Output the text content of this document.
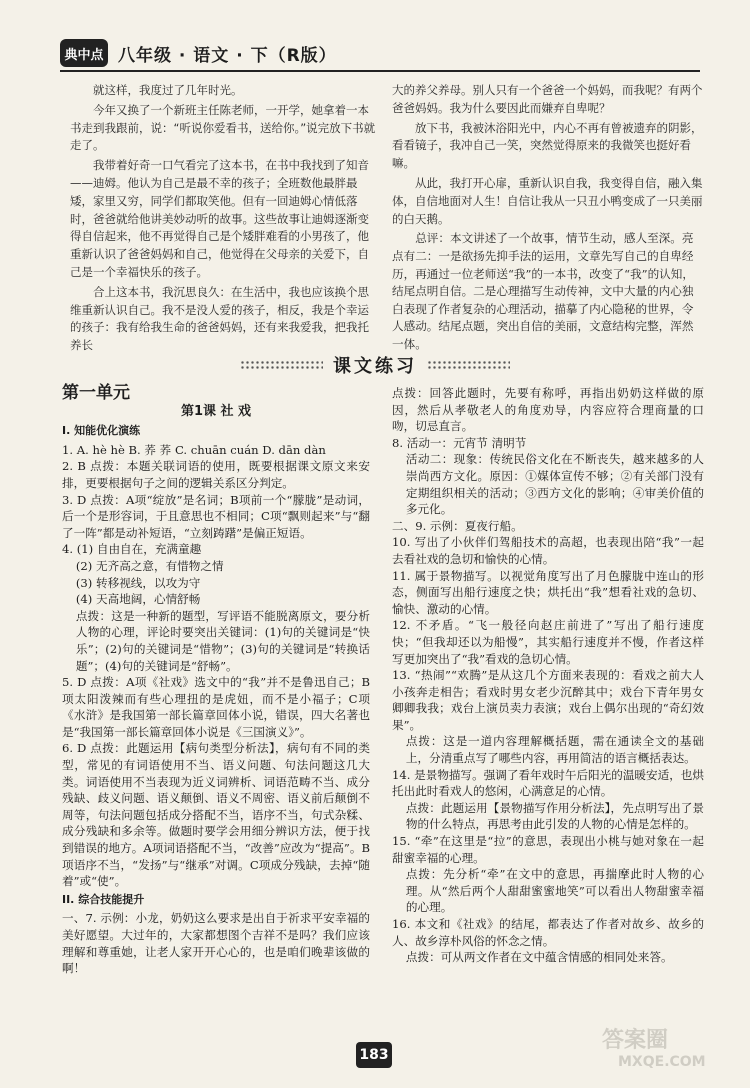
典中点 八年级 · 语文 · 下（R版）

就这样，我度过了几年时光。

今年又换了一个新班主任陈老师，一开学，她拿着一本书走到我跟前，说：“听说你爱看书，送给你。”说完放下书就走了。

我带着好奇一口气看完了这本书，在书中我找到了知音——迪姆。他认为自己是最不幸的孩子；全班数他最胖最矮，家里又穷，同学们都取笑他。但有一回迪姆心情低落时，爸爸就给他讲美妙动听的故事。这些故事让迪姆逐渐变得自信起来，他不再觉得自己是个矮胖难看的小男孩了，他重新认识了爸爸妈妈和自己，他觉得在父母亲的关爱下，自己是一个幸福快乐的孩子。

合上这本书，我沉思良久：在生活中，我也应该换个思维重新认识自己。我不是没人爱的孩子，相反，我是个幸运的孩子：我有给我生命的爸爸妈妈，还有来我爱我，把我托养长

大的养父养母。别人只有一个爸爸一个妈妈，而我呢？有两个爸爸妈妈。我为什么要因此而嫌弃自卑呢？

放下书，我被沐浴阳光中，内心不再有曾被遗弃的阴影，看看镜子，我冲自己一笑，突然觉得原来的我微笑也挺好看嘛。

从此，我打开心扉，重新认识自我，我变得自信，融入集体，自信地面对人生！自信让我从一只丑小鸭变成了一只美丽的白天鹅。

总评：本文讲述了一个故事，情节生动，感人至深。亮点有二：一是欲扬先抑手法的运用，文章先写自己的自卑经历，再通过一位老师送“我”的一本书，改变了“我”的认知，结尾点明自信。二是心理描写生动传神，文中大量的内心独白表现了作者复杂的心理活动，描摹了内心隐秘的世界，令人感动。结尾点题，突出自信的美丽，文意结构完整，浑然一体。

课文练习
第一单元
第1课 社 戏
I. 知能优化演练

1. A. hè hè B. 荞 荞 C. chuān cuán D. dān dàn

2. B 点拨：本题关联词语的使用，既要根据课文原文来安排，更要根据句子之间的逻辑关系区分判定。

3. D 点拨：A项“绽放”是名词；B项前一个“朦胧”是动词，后一个是形容词，于且意思也不相同；C项“飘则起来”与“翻了一阵”都是动补短语，“立刻踌躇”是偏正短语。

4. (1) 自由自在，充满童趣

(2) 无齐高之意，有惜物之情

(3) 转移视线，以攻为守

(4) 天高地阔，心情舒畅

点拨：这是一种新的题型，写评语不能脱离原文，要分析人物的心理，评论时要突出关键词：(1)句的关键词是“快乐”；(2)句的关键词是“惜物”；(3)句的关键词是“转换话题”；(4)句的关键词是“舒畅”。

5. D 点拨：A项《社戏》选文中的“我”并不是鲁迅自己；B项太阳泼辣而有些心理扭的是虎妞，而不是小福子；C项《水浒》是我国第一部长篇章回体小说，错误，四大名著也是“我国第一部长篇章回体小说是《三国演义》”。

6. D 点拨：此题运用【病句类型分析法】，病句有不同的类型，常见的有词语使用不当、语义问题、句法问题这几大类。词语使用不当表现为近义词辨析、词语范畴不当、成分残缺、歧义问题、语义颠倒、语义不周密、语义前后颠倒不周等，句法问题包括成分搭配不当，语序不当，句式杂糅、成分残缺和多余等。做题时要学会用细分辨识方法，便于找到错误的地方。A项词语搭配不当，“改善”应改为“提高”。B项语序不当，“发扬”与“继承”对调。C项成分残缺，去掉“随着”或“使”。

II. 综合技能提升

一、7. 示例：小龙，奶奶这么要求是出自于祈求平安幸福的美好愿望。大过年的，大家都想图个吉祥不是吗？我们应该理解和尊重她，让老人家开开心心的，也是咱们晚辈该做的啊！

点拨：回答此题时，先要有称呼，再指出奶奶这样做的原因，然后从孝敬老人的角度劝导，内容应符合理商量的口吻，切忌直言。

8. 活动一：元宵节 清明节

活动二：现象：传统民俗文化在不断丧失，越来越多的人崇尚西方文化。原因：①媒体宣传不够；②有关部门没有定期组织相关的活动；③西方文化的影响；④审美价值的多元化。

二、9. 示例：夏夜行船。

10. 写出了小伙伴们驾船技术的高超，也表现出陪“我”一起去看社戏的急切和愉快的心情。

11. 属于景物描写。以视觉角度写出了月色朦胧中连山的形态，侧面写出船行速度之快；烘托出“我”想看社戏的急切、愉快、激动的心情。

12. 不矛盾。“飞一般径向赵庄前进了”写出了船行速度快；“但我却还以为船慢”，其实船行速度并不慢，作者这样写更加突出了“我”看戏的急切心情。

13. “热闹”“欢腾”是从这几个方面来表现的：看戏之前大人小孩奔走相告；看戏时男女老少沉醉其中；戏台下青年男女卿卿我我；戏台上演员卖力表演；戏台上偶尔出现的“奇幻效果”。

点拨：这是一道内容理解概括题，需在通读全文的基础上，分清重点写了哪些内容，再用简洁的语言概括表达。

14. 是景物描写。强调了看年戏时午后阳光的温暖安适，也烘托出此时看戏人的悠闲，心满意足的心情。

点拨：此题运用【景物描写作用分析法】，先点明写出了景物的什么特点，再思考由此引发的人物的心情是怎样的。

15. “牵”在这里是“拉”的意思，表现出小桃与她对象在一起甜蜜幸福的心理。

点拨：先分析“牵”在文中的意思，再揣摩此时人物的心理。从“然后两个人甜甜蜜蜜地笑”可以看出人物甜蜜幸福的心理。

16. 本文和《社戏》的结尾，都表达了作者对故乡、故乡的人、故乡淳朴风俗的怀念之情。

点拨：可从两文作者在文中蕴含情感的相同处来答。

183
答案圈
MXQE.COM
